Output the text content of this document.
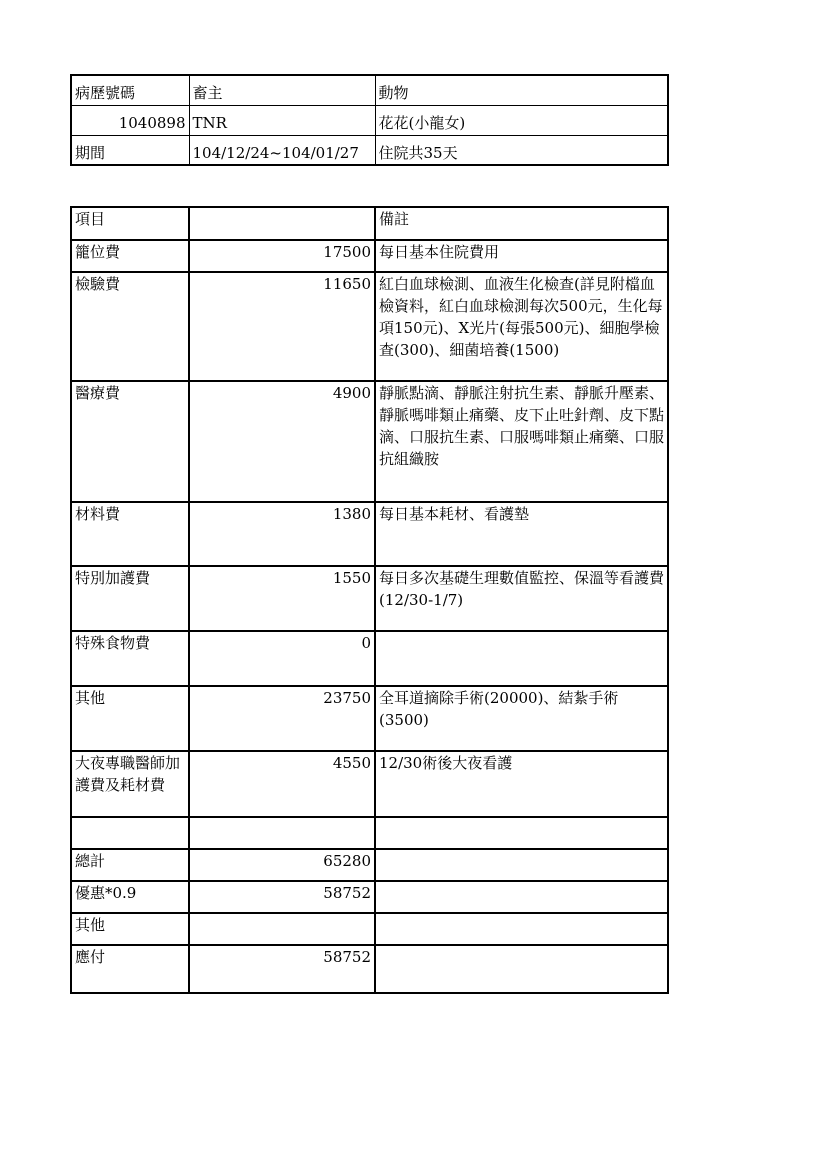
病歷號碼	畜主	動物
1040898	TNR	花花(小龍女)
期間	104/12/24~104/01/27	住院共35天
項目		備註
籠位費	17500	每日基本住院費用
檢驗費	11650	紅白血球檢測、血液生化檢查(詳見附檔血檢資料，紅白血球檢測每次500元，生化每項150元)、X光片(每張500元)、細胞學檢查(300)、細菌培養(1500)
醫療費	4900	靜脈點滴、靜脈注射抗生素、靜脈升壓素、靜脈嗎啡類止痛藥、皮下止吐針劑、皮下點滴、口服抗生素、口服嗎啡類止痛藥、口服抗組織胺
材料費	1380	每日基本耗材、看護墊
特別加護費	1550	每日多次基礎生理數值監控、保溫等看護費 (12/30-1/7)
特殊食物費	0	
其他	23750	全耳道摘除手術(20000)、結紮手術(3500)
大夜專職醫師加護費及耗材費	4550	12/30術後大夜看護

總計	65280	
優惠*0.9	58752	
其他		
應付	58752	
